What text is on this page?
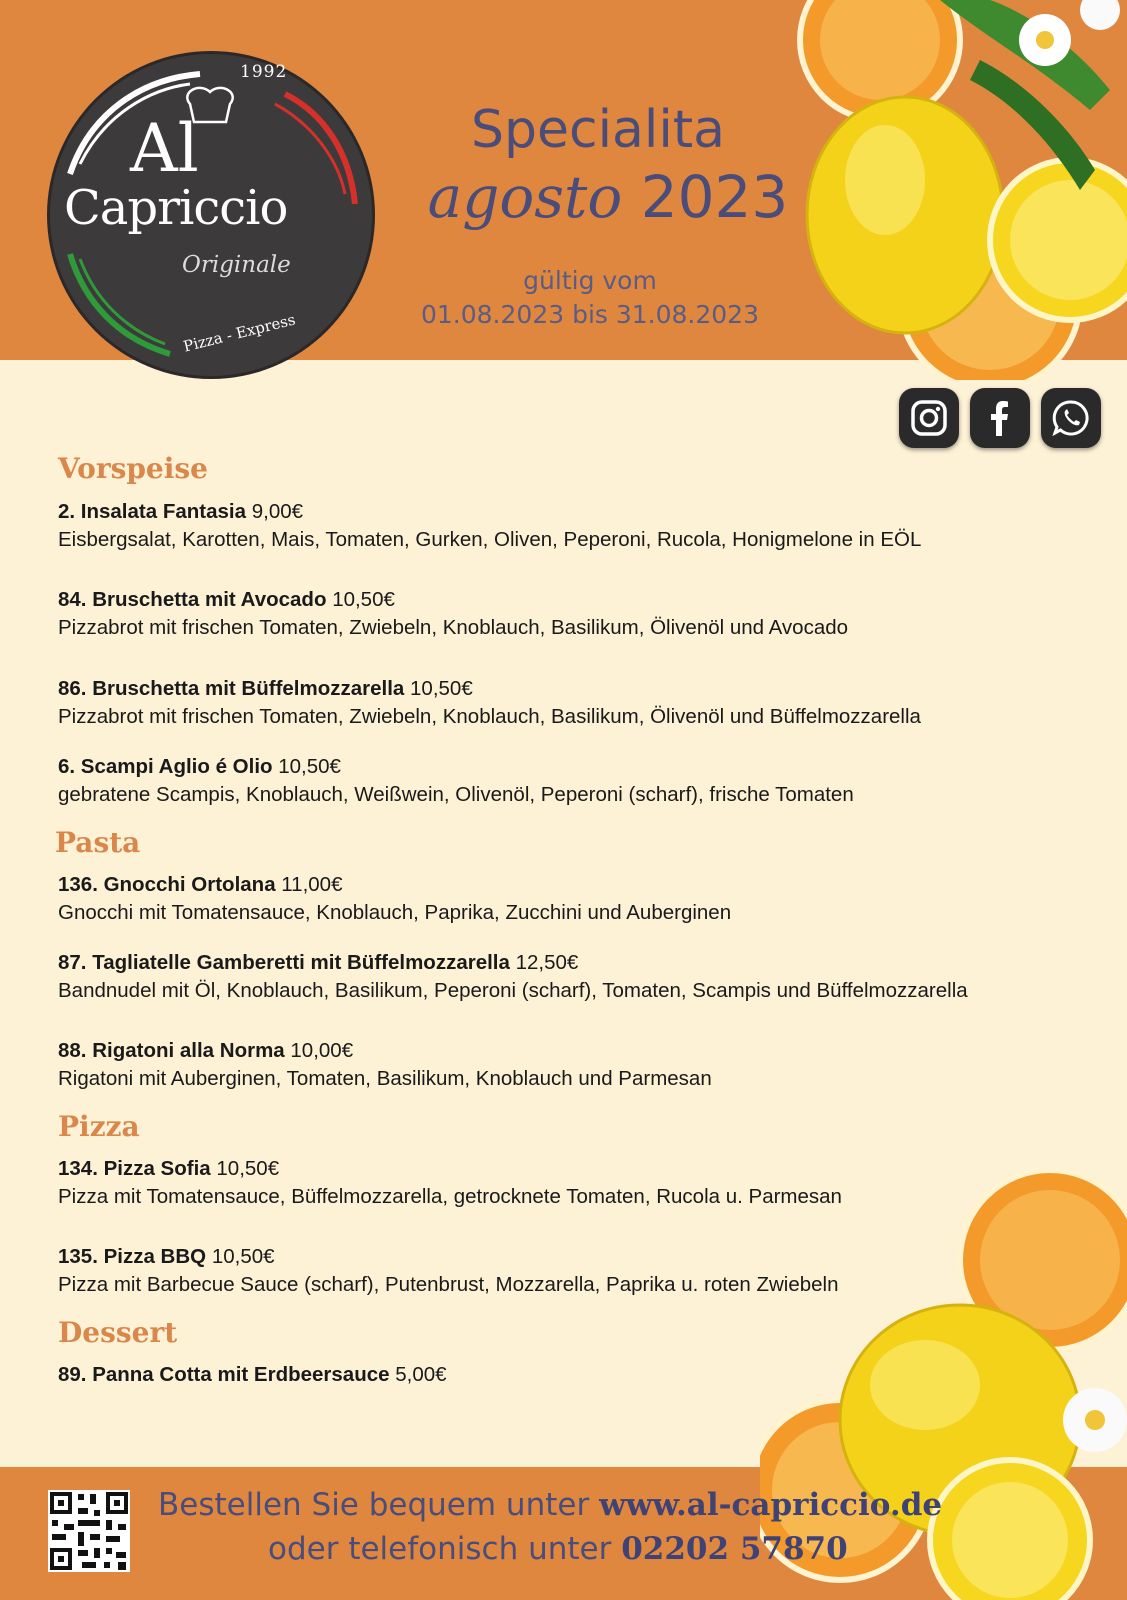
1992
Al
Capriccio
Originale
Pizza - Express
Specialita
agosto 2023
gültig vom
01.08.2023 bis 31.08.2023
Vorspeise
2. Insalata Fantasia 9,00€
Eisbergsalat, Karotten, Mais, Tomaten, Gurken, Oliven, Peperoni, Rucola, Honigmelone in EÖL
84. Bruschetta mit Avocado 10,50€
Pizzabrot mit frischen Tomaten, Zwiebeln, Knoblauch, Basilikum, Ölivenöl und Avocado
86. Bruschetta mit Büffelmozzarella 10,50€
Pizzabrot mit frischen Tomaten, Zwiebeln, Knoblauch, Basilikum, Ölivenöl und Büffelmozzarella
6. Scampi Aglio é Olio 10,50€
gebratene Scampis, Knoblauch, Weißwein, Olivenöl, Peperoni (scharf), frische Tomaten
Pasta
136. Gnocchi Ortolana 11,00€
Gnocchi mit Tomatensauce, Knoblauch, Paprika, Zucchini und Auberginen
87. Tagliatelle Gamberetti mit Büffelmozzarella 12,50€
Bandnudel mit Öl, Knoblauch, Basilikum, Peperoni (scharf), Tomaten, Scampis und Büffelmozzarella
88. Rigatoni alla Norma 10,00€
Rigatoni mit Auberginen, Tomaten, Basilikum, Knoblauch und Parmesan
Pizza
134. Pizza Sofia 10,50€
Pizza mit Tomatensauce, Büffelmozzarella, getrocknete Tomaten, Rucola u. Parmesan
135. Pizza BBQ 10,50€
Pizza mit Barbecue Sauce (scharf), Putenbrust, Mozzarella, Paprika u. roten Zwiebeln
Dessert
89. Panna Cotta mit Erdbeersauce 5,00€
Bestellen Sie bequem unter www.al-capriccio.de
oder telefonisch unter 02202 57870
